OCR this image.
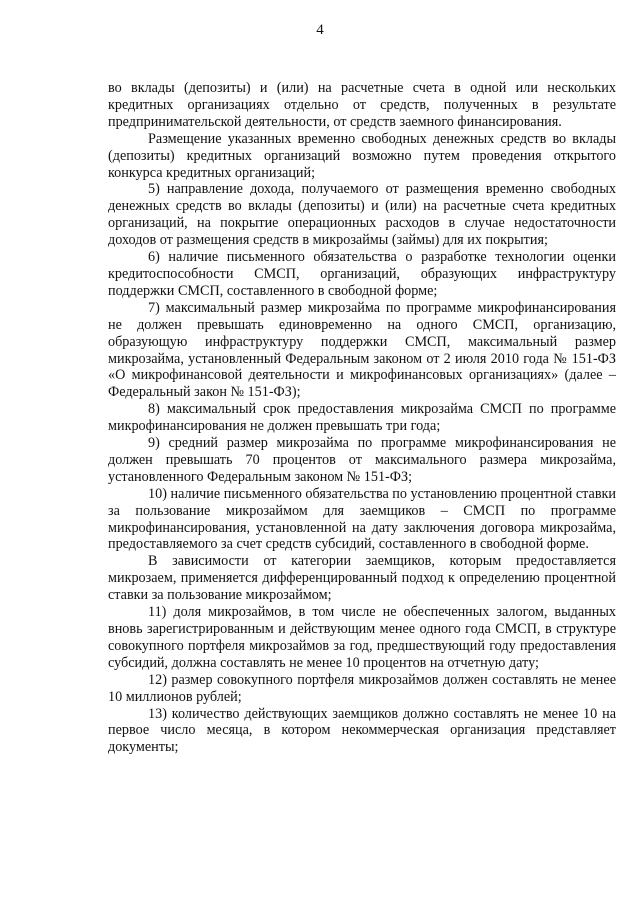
4

во вклады (депозиты) и (или) на расчетные счета в одной или нескольких кредитных организациях отдельно от средств, полученных в результате предпринимательской деятельности, от средств заемного финансирования.

Размещение указанных временно свободных денежных средств во вклады (депозиты) кредитных организаций возможно путем проведения открытого конкурса кредитных организаций;

5) направление дохода, получаемого от размещения временно свободных денежных средств во вклады (депозиты) и (или) на расчетные счета кредитных организаций, на покрытие операционных расходов в случае недостаточности доходов от размещения средств в микрозаймы (займы) для их покрытия;

6) наличие письменного обязательства о разработке технологии оценки кредитоспособности СМСП, организаций, образующих инфраструктуру поддержки СМСП, составленного в свободной форме;

7) максимальный размер микрозайма по программе микрофинансирования не должен превышать единовременно на одного СМСП, организацию, образующую инфраструктуру поддержки СМСП, максимальный размер микрозайма, установленный Федеральным законом от 2 июля 2010 года № 151-ФЗ «О микрофинансовой деятельности и микрофинансовых организациях» (далее – Федеральный закон № 151-ФЗ);

8) максимальный срок предоставления микрозайма СМСП по программе микрофинансирования не должен превышать три года;

9) средний размер микрозайма по программе микрофинансирования не должен превышать 70 процентов от максимального размера микрозайма, установленного Федеральным законом № 151-ФЗ;

10) наличие письменного обязательства по установлению процентной ставки за пользование микрозаймом для заемщиков – СМСП по программе микрофинансирования, установленной на дату заключения договора микрозайма, предоставляемого за счет средств субсидий, составленного в свободной форме.

В зависимости от категории заемщиков, которым предоставляется микрозаем, применяется дифференцированный подход к определению процентной ставки за пользование микрозаймом;

11) доля микрозаймов, в том числе не обеспеченных залогом, выданных вновь зарегистрированным и действующим менее одного года СМСП, в структуре совокупного портфеля микрозаймов за год, предшествующий году предоставления субсидий, должна составлять не менее 10 процентов на отчетную дату;

12) размер совокупного портфеля микрозаймов должен составлять не менее 10 миллионов рублей;

13) количество действующих заемщиков должно составлять не менее 10 на первое число месяца, в котором некоммерческая организация представляет документы;
